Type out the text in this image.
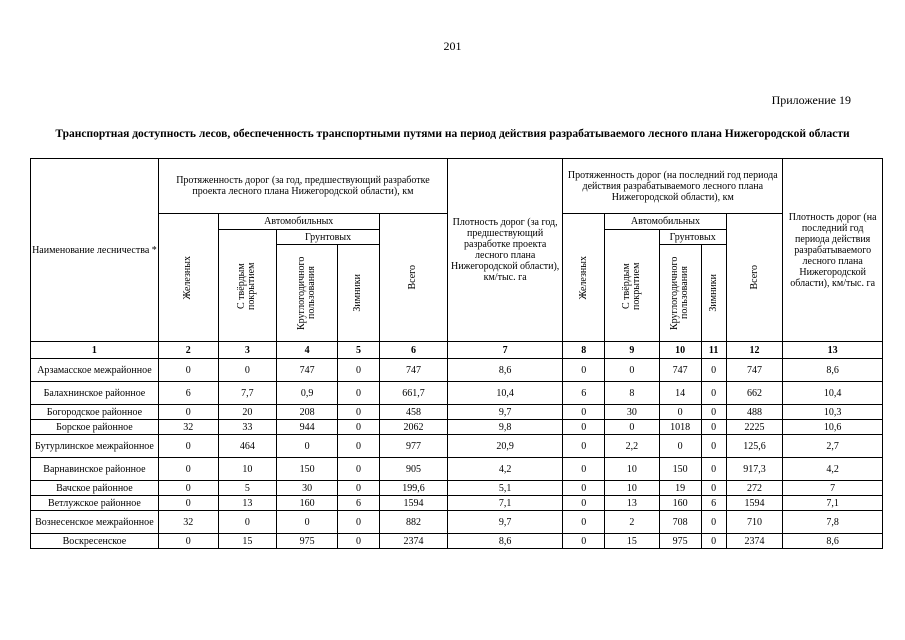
201
Приложение 19
Транспортная доступность лесов, обеспеченность транспортными путями на период действия разрабатываемого лесного плана Нижегородской области
Наименование лесничества *	Протяженность дорог (за год, предшествующий разработке проекта лесного плана Нижегородской области), км					Плотность дорог (за год, предшествующий разработке проекта лесного плана Нижегородской области), км/тыс. га	Протяженность дорог (на последний год периода действия разрабатываемого лесного плана Нижегородской области), км					Плотность дорог (на последний год периода действия разрабатываемого лесного плана Нижегородской области), км/тыс. га

	Железных	Автомобильных			Всего		Железных	Автомобильных			Всего	

		С твёрдым покрытием	Грунтовых					С твёрдым покрытием	Грунтовых			

			Круглогодичного пользования	Зимники					Круглогодичного пользования	Зимники		

1	2	3	4	5	6	7	8	9	10	11	12	13
Арзамасское межрайонное	0	0	747	0	747	8,6	0	0	747	0	747	8,6
Балахнинское районное	6	7,7	0,9	0	661,7	10,4	6	8	14	0	662	10,4
Богородское районное	0	20	208	0	458	9,7	0	30	0	0	488	10,3
Борское районное	32	33	944	0	2062	9,8	0	0	1018	0	2225	10,6
Бутурлинское межрайонное	0	464	0	0	977	20,9	0	2,2	0	0	125,6	2,7
Варнавинское районное	0	10	150	0	905	4,2	0	10	150	0	917,3	4,2
Вачское районное	0	5	30	0	199,6	5,1	0	10	19	0	272	7
Ветлужское районное	0	13	160	6	1594	7,1	0	13	160	6	1594	7,1
Вознесенское межрайонное	32	0	0	0	882	9,7	0	2	708	0	710	7,8
Воскресенское	0	15	975	0	2374	8,6	0	15	975	0	2374	8,6
